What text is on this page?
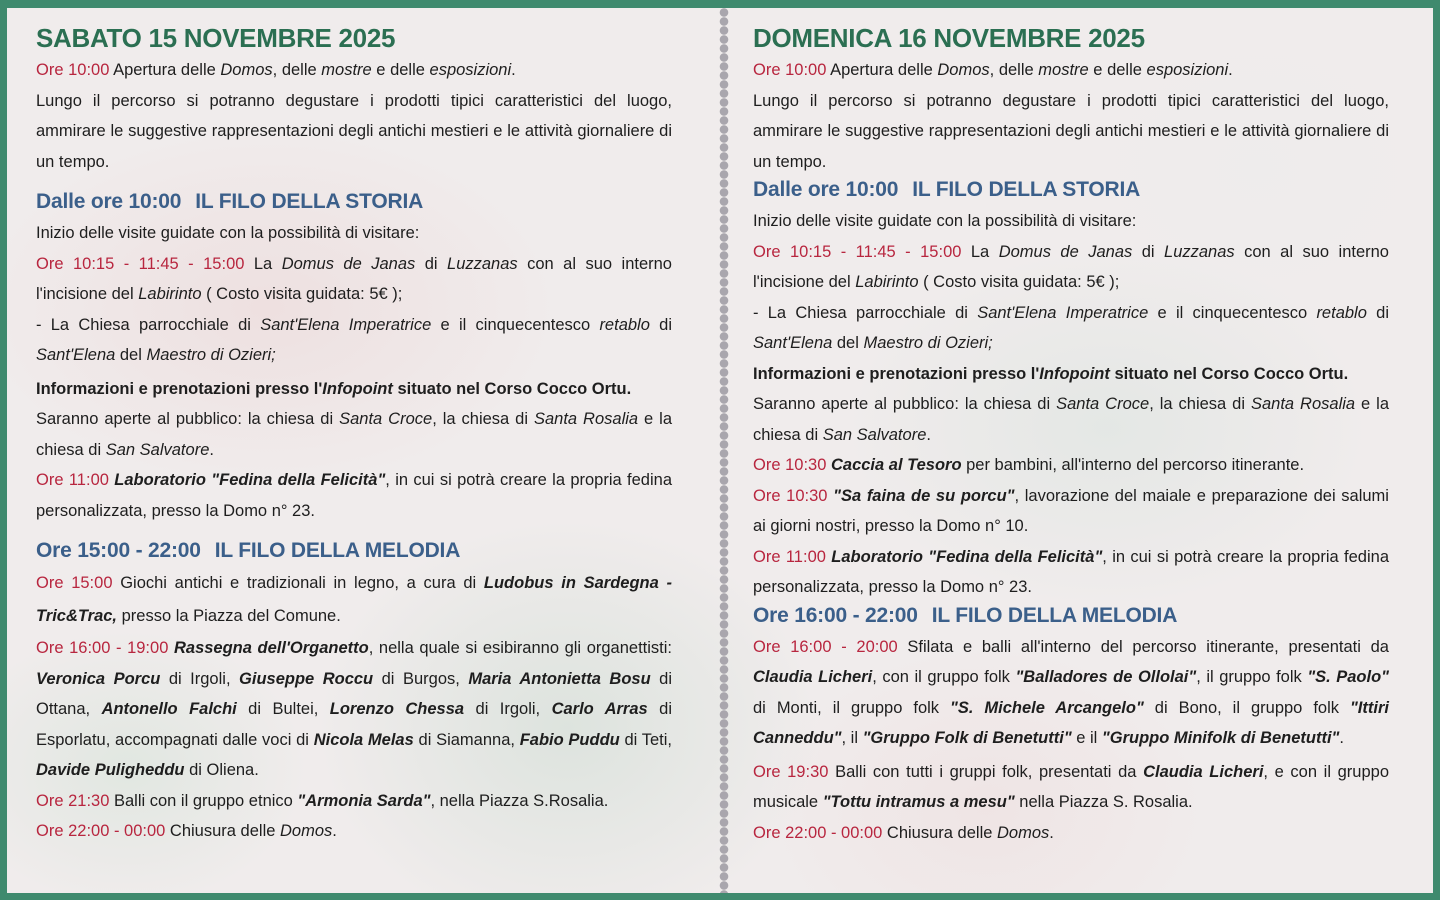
SABATO 15 NOVEMBRE 2025

Ore 10:00 Apertura delle Domos, delle mostre e delle esposizioni.

Lungo il percorso si potranno degustare i prodotti tipici caratteristici del luogo, ammirare le suggestive rappresentazioni degli antichi mestieri e le attività giornaliere di un tempo.

Dalle ore 10:00 IL FILO DELLA STORIA

Inizio delle visite guidate con la possibilità di visitare:

Ore 10:15 - 11:45 - 15:00 La Domus de Janas di Luzzanas con al suo interno l'incisione del Labirinto ( Costo visita guidata: 5€ );

- La Chiesa parrocchiale di Sant'Elena Imperatrice e il cinquecentesco retablo di Sant'Elena del Maestro di Ozieri;

Informazioni e prenotazioni presso l'Infopoint situato nel Corso Cocco Ortu.

Saranno aperte al pubblico: la chiesa di Santa Croce, la chiesa di Santa Rosalia e la chiesa di San Salvatore.

Ore 11:00 Laboratorio "Fedina della Felicità", in cui si potrà creare la propria fedina personalizzata, presso la Domo n° 23.

Ore 15:00 - 22:00 IL FILO DELLA MELODIA

Ore 15:00 Giochi antichi e tradizionali in legno, a cura di Ludobus in Sardegna - Tric&Trac, presso la Piazza del Comune.

Ore 16:00 - 19:00 Rassegna dell'Organetto, nella quale si esibiranno gli organettisti: Veronica Porcu di Irgoli, Giuseppe Roccu di Burgos, Maria Antonietta Bosu di Ottana, Antonello Falchi di Bultei, Lorenzo Chessa di Irgoli, Carlo Arras di Esporlatu, accompagnati dalle voci di Nicola Melas di Siamanna, Fabio Puddu di Teti, Davide Puligheddu di Oliena.

Ore 21:30 Balli con il gruppo etnico "Armonia Sarda", nella Piazza S.Rosalia.

Ore 22:00 - 00:00 Chiusura delle Domos.

DOMENICA 16 NOVEMBRE 2025

Ore 10:00 Apertura delle Domos, delle mostre e delle esposizioni.

Lungo il percorso si potranno degustare i prodotti tipici caratteristici del luogo, ammirare le suggestive rappresentazioni degli antichi mestieri e le attività giornaliere di un tempo.

Dalle ore 10:00 IL FILO DELLA STORIA

Inizio delle visite guidate con la possibilità di visitare:

Ore 10:15 - 11:45 - 15:00 La Domus de Janas di Luzzanas con al suo interno l'incisione del Labirinto ( Costo visita guidata: 5€ );

- La Chiesa parrocchiale di Sant'Elena Imperatrice e il cinquecentesco retablo di Sant'Elena del Maestro di Ozieri;

Informazioni e prenotazioni presso l'Infopoint situato nel Corso Cocco Ortu.

Saranno aperte al pubblico: la chiesa di Santa Croce, la chiesa di Santa Rosalia e la chiesa di San Salvatore.

Ore 10:30 Caccia al Tesoro per bambini, all'interno del percorso itinerante.

Ore 10:30 "Sa faina de su porcu", lavorazione del maiale e preparazione dei salumi ai giorni nostri, presso la Domo n° 10.

Ore 11:00 Laboratorio "Fedina della Felicità", in cui si potrà creare la propria fedina personalizzata, presso la Domo n° 23.

Ore 16:00 - 22:00 IL FILO DELLA MELODIA

Ore 16:00 - 20:00 Sfilata e balli all'interno del percorso itinerante, presentati da Claudia Licheri, con il gruppo folk "Balladores de Ollolai", il gruppo folk "S. Paolo" di Monti, il gruppo folk "S. Michele Arcangelo" di Bono, il gruppo folk "Ittiri Canneddu", il "Gruppo Folk di Benetutti" e il "Gruppo Minifolk di Benetutti".

Ore 19:30 Balli con tutti i gruppi folk, presentati da Claudia Licheri, e con il gruppo musicale "Tottu intramus a mesu" nella Piazza S. Rosalia.

Ore 22:00 - 00:00 Chiusura delle Domos.
